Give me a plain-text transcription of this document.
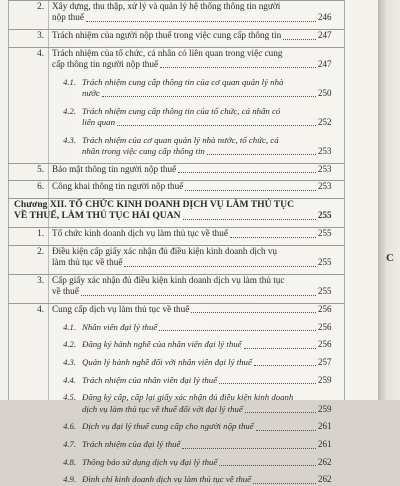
2. Xây dựng, thu thập, xử lý và quản lý hệ thống thông tin người
nộp thuế	246
3. Trách nhiệm của người nộp thuế trong việc cung cấp thông tin	247
4. Trách nhiệm của tổ chức, cá nhân có liên quan trong việc cung
cấp thông tin người nộp thuế	247
4.1. Trách nhiệm cung cấp thông tin của cơ quan quản lý nhà
nước	250
4.2. Trách nhiệm cung cấp thông tin của tổ chức, cá nhân có
liên quan	252
4.3. Trách nhiệm của cơ quan quản lý nhà nước, tổ chức, cá
nhân trong việc cung cấp thông tin	253
5. Bảo mật thông tin người nộp thuế	253
6. Công khai thông tin người nộp thuế	253
Chương XII. TỔ CHỨC KINH DOANH DỊCH VỤ LÀM THỦ TỤC
VỀ THUẾ, LÀM THỦ TỤC HẢI QUAN	255
1. Tổ chức kinh doanh dịch vụ làm thủ tục về thuế	255
2. Điều kiện cấp giấy xác nhận đủ điều kiện kinh doanh dịch vụ
làm thủ tục về thuế	255
3. Cấp giấy xác nhận đủ điều kiện kinh doanh dịch vụ làm thủ tục
về thuế	255
4. Cung cấp dịch vụ làm thủ tục về thuế	256
4.1. Nhân viên đại lý thuế	256
4.2. Đăng ký hành nghề của nhân viên đại lý thuế	256
4.3. Quản lý hành nghề đối với nhân viên đại lý thuế	257
4.4. Trách nhiệm của nhân viên đại lý thuế	259
4.5. Đăng ký cấp, cấp lại giấy xác nhận đủ điều kiện kinh doanh
dịch vụ làm thủ tục về thuế đối với đại lý thuế	259
4.6. Dịch vụ đại lý thuế cung cấp cho người nộp thuế	261
4.7. Trách nhiệm của đại lý thuế	261
4.8. Thông báo sử dụng dịch vụ đại lý thuế	262
4.9. Đình chỉ kinh doanh dịch vụ làm thủ tục về thuế	262
C
